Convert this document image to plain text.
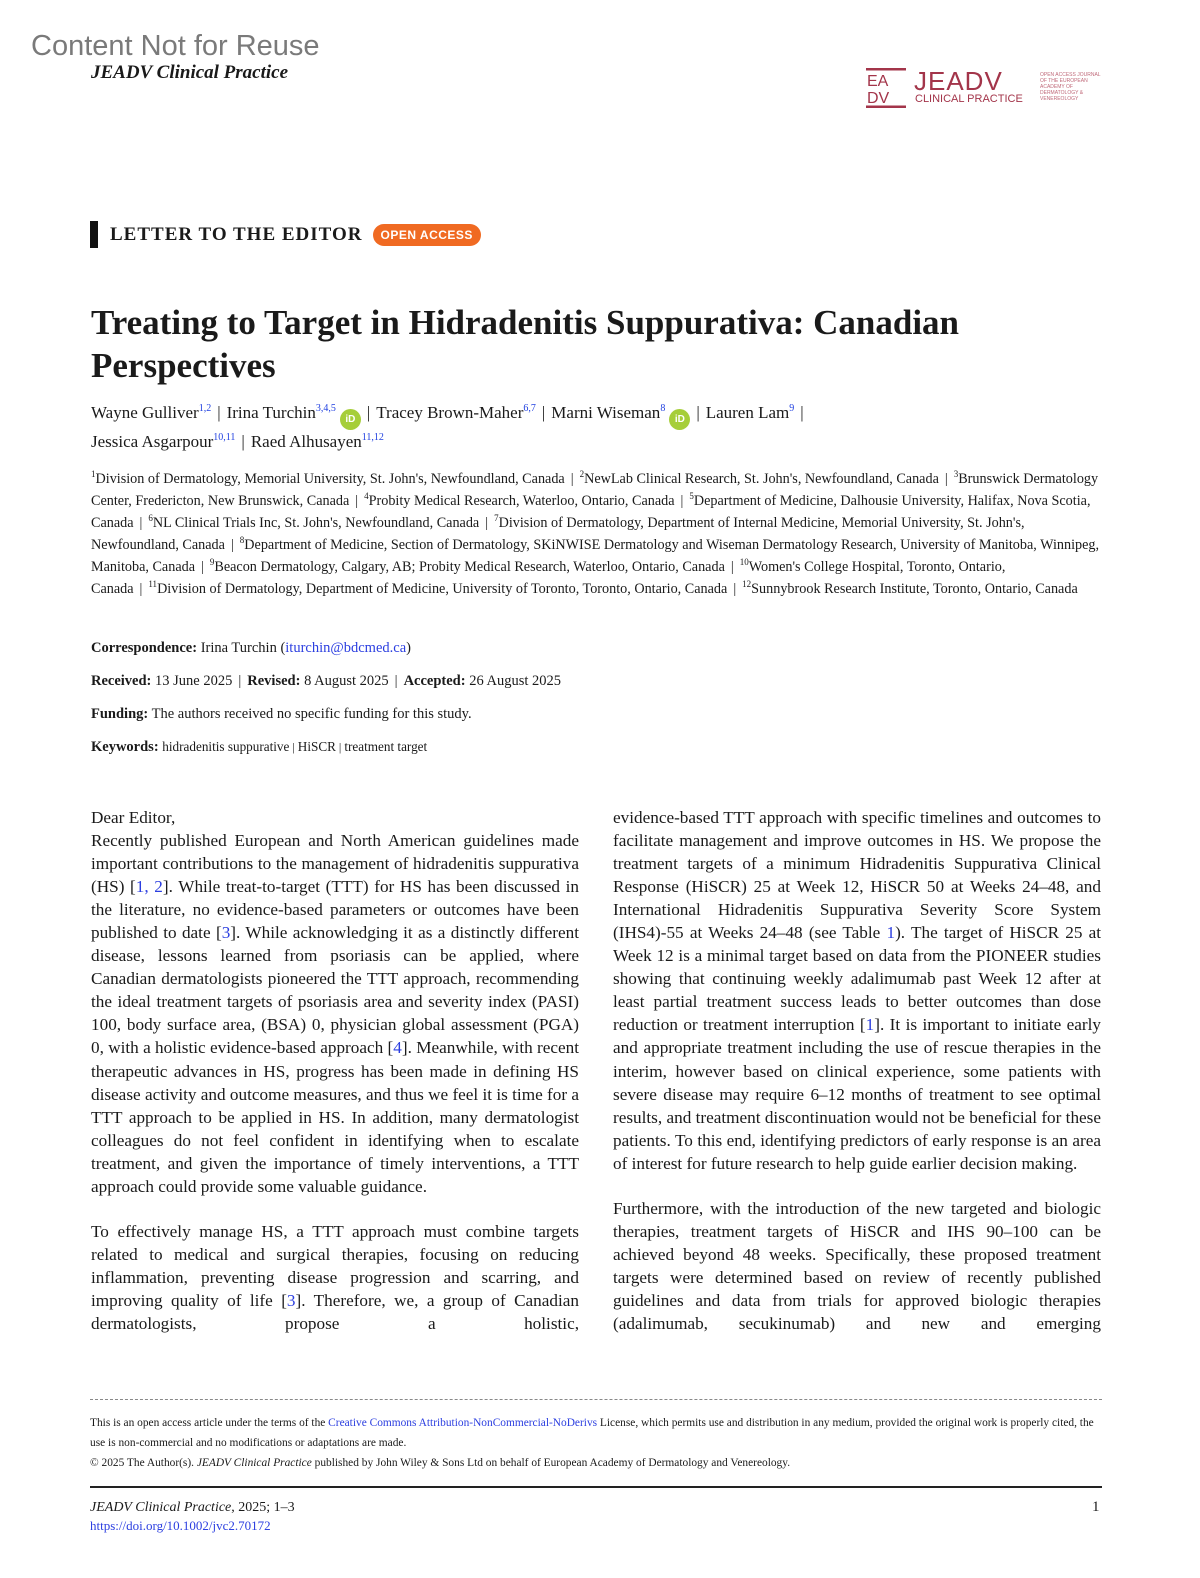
Content Not for Reuse
JEADV Clinical Practice	EA
DV
JEADV
CLINICAL PRACTICE
OPEN ACCESS JOURNAL OF THE EUROPEAN ACADEMY OF DERMATOLOGY & VENEREOLOGY
LETTER TO THE EDITOR	OPEN ACCESS
Treating to Target in Hidradenitis Suppurativa: Canadian Perspectives
Wayne Gulliver$^{1,2}$ | Irina Turchin$^{3,4,5}$iD | Tracey Brown-Maher$^{6,7}$ | Marni Wiseman$^8$iD | Lauren Lam$^9$ |
Jessica Asgarpour$^{10,11}$ | Raed Alhusayen$^{11,12}$
$^1$Division of Dermatology, Memorial University, St. John's, Newfoundland, Canada | $^2$NewLab Clinical Research, St. John's, Newfoundland, Canada | $^3$Brunswick Dermatology Center, Fredericton, New Brunswick, Canada | $^4$Probity Medical Research, Waterloo, Ontario, Canada | $^5$Department of Medicine, Dalhousie University, Halifax, Nova Scotia, Canada | $^6$NL Clinical Trials Inc, St. John's, Newfoundland, Canada | $^7$Division of Dermatology, Department of Internal Medicine, Memorial University, St. John's, Newfoundland, Canada | $^8$Department of Medicine, Section of Dermatology, SKiNWISE Dermatology and Wiseman Dermatology Research, University of Manitoba, Winnipeg, Manitoba, Canada | $^9$Beacon Dermatology, Calgary, AB; Probity Medical Research, Waterloo, Ontario, Canada | $^{10}$Women's College Hospital, Toronto, Ontario, Canada | $^{11}$Division of Dermatology, Department of Medicine, University of Toronto, Toronto, Ontario, Canada | $^{12}$Sunnybrook Research Institute, Toronto, Ontario, Canada
Correspondence: Irina Turchin (iturchin@bdcmed.ca)
Received: 13 June 2025 | Revised: 8 August 2025 | Accepted: 26 August 2025
Funding: The authors received no specific funding for this study.
Keywords: hidradenitis suppurative | HiSCR | treatment target

Dear Editor,
Recently published European and North American guidelines made important contributions to the management of hidradenitis suppurativa (HS) [1, 2]. While treat-to-target (TTT) for HS has been discussed in the literature, no evidence-based parameters or outcomes have been published to date [3]. While acknowledging it as a distinctly different disease, lessons learned from psoriasis can be applied, where Canadian dermatologists pioneered the TTT approach, recommending the ideal treatment targets of psoriasis area and severity index (PASI) 100, body surface area, (BSA) 0, physician global assessment (PGA) 0, with a holistic evidence-based approach [4]. Meanwhile, with recent therapeutic advances in HS, progress has been made in defining HS disease activity and outcome measures, and thus we feel it is time for a TTT approach to be applied in HS. In addition, many dermatologist colleagues do not feel confident in identifying when to escalate treatment, and given the importance of timely interventions, a TTT approach could provide some valuable guidance.

To effectively manage HS, a TTT approach must combine targets related to medical and surgical therapies, focusing on reducing inflammation, preventing disease progression and scarring, and improving quality of life [3]. Therefore, we, a group of Canadian dermatologists, propose a holistic,

evidence-based TTT approach with specific timelines and outcomes to facilitate management and improve outcomes in HS. We propose the treatment targets of a minimum Hidradenitis Suppurativa Clinical Response (HiSCR) 25 at Week 12, HiSCR 50 at Weeks 24–48, and International Hidradenitis Suppurativa Severity Score System (IHS4)-55 at Weeks 24–48 (see Table 1). The target of HiSCR 25 at Week 12 is a minimal target based on data from the PIONEER studies showing that continuing weekly adalimumab past Week 12 after at least partial treatment success leads to better outcomes than dose reduction or treatment interruption [1]. It is important to initiate early and appropriate treatment including the use of rescue therapies in the interim, however based on clinical experience, some patients with severe disease may require 6–12 months of treatment to see optimal results, and treatment discontinuation would not be beneficial for these patients. To this end, identifying predictors of early response is an area of interest for future research to help guide earlier decision making.

Furthermore, with the introduction of the new targeted and biologic therapies, treatment targets of HiSCR and IHS 90–100 can be achieved beyond 48 weeks. Specifically, these proposed treatment targets were determined based on review of recently published guidelines and data from trials for approved biologic therapies (adalimumab, secukinumab) and new and emerging

This is an open access article under the terms of the Creative Commons Attribution-NonCommercial-NoDerivs License, which permits use and distribution in any medium, provided the original work is properly cited, the use is non-commercial and no modifications or adaptations are made.
© 2025 The Author(s). JEADV Clinical Practice published by John Wiley & Sons Ltd on behalf of European Academy of Dermatology and Venereology.
JEADV Clinical Practice, 2025; 1–3
https://doi.org/10.1002/jvc2.70172
1
